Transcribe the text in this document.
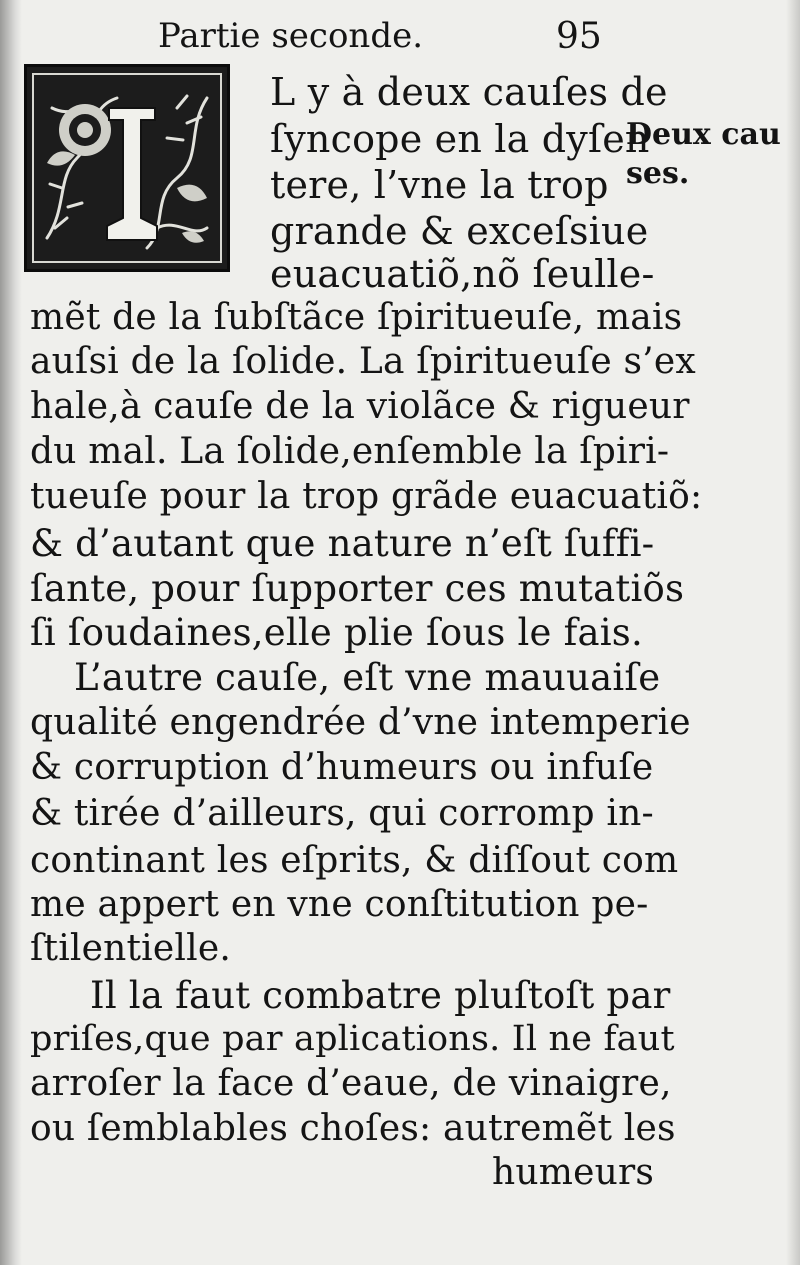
Partie seconde.	95
Deux cau
ses.
L y à deux cauſes de
ſyncope en la dyſen
tere, l’vne la trop
grande & exceſsiue
euacuatiõ,nõ ſeulle-
mẽt de la ſubſtãce ſpiritueuſe, mais
auſsi de la ſolide. La ſpiritueuſe s’ex
hale,à cauſe de la violãce & rigueur
du mal. La ſolide,enſemble la ſpiri-
tueuſe pour la trop grãde euacuatiõ:
& d’autant que nature n’eſt ſuffi-
ſante, pour ſupporter ces mutatiõs
ſi ſoudaines,elle plie ſous le fais.
L’autre cauſe, eſt vne mauuaiſe
qualité engendrée d’vne intemperie
& corruption d’humeurs ou infuſe
& tirée d’ailleurs, qui corromp in-
continant les eſprits, & diſſout com
me appert en vne conſtitution pe-
ſtilentielle.
Il la faut combatre pluſtoſt par
priſes,que par aplications. Il ne faut
arroſer la face d’eaue, de vinaigre,
ou ſemblables choſes: autremẽt les
humeurs
